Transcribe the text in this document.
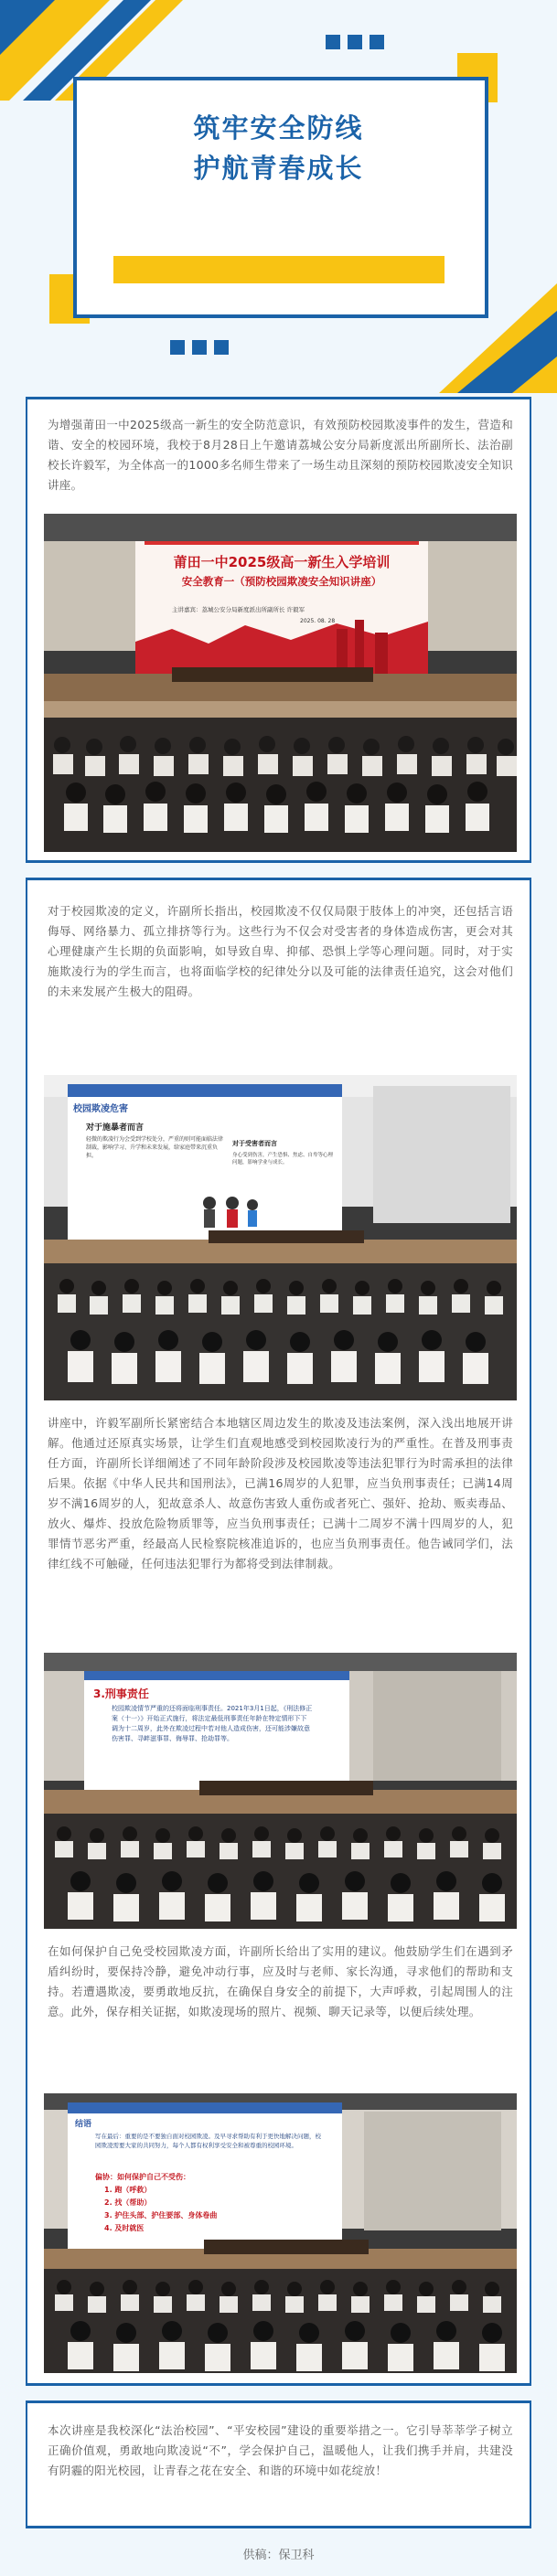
筑牢安全防线
护航青春成长
为增强莆田一中2025级高一新生的安全防范意识，有效预防校园欺凌事件的发生，营造和谐、安全的校园环境，我校于8月28日上午邀请荔城公安分局新度派出所副所长、法治副校长许毅军，为全体高一的1000多名师生带来了一场生动且深刻的预防校园欺凌安全知识讲座。
莆田一中2025级高一新生入学培训
安全教育一（预防校园欺凌安全知识讲座）
主讲嘉宾：荔城公安分局新度派出所副所长 许毅军
2025. 08. 28
对于校园欺凌的定义，许副所长指出，校园欺凌不仅仅局限于肢体上的冲突，还包括言语侮辱、网络暴力、孤立排挤等行为。这些行为不仅会对受害者的身体造成伤害，更会对其心理健康产生长期的负面影响，如导致自卑、抑郁、恐惧上学等心理问题。同时，对于实施欺凌行为的学生而言，也将面临学校的纪律处分以及可能的法律责任追究，这会对他们的未来发展产生极大的阻碍。
校园欺凌危害
对于施暴者而言
轻微的欺凌行为会受到学校处分，严重的则可能面临法律制裁，影响学习、升学和未来发展，给家庭带来沉重负担。
对于受害者而言
身心受到伤害，产生恐惧、焦虑、自卑等心理问题，影响学业与成长。
讲座中，许毅军副所长紧密结合本地辖区周边发生的欺凌及违法案例，深入浅出地展开讲解。他通过还原真实场景，让学生们直观地感受到校园欺凌行为的严重性。在普及刑事责任方面，许副所长详细阐述了不同年龄阶段涉及校园欺凌等违法犯罪行为时需承担的法律后果。依据《中华人民共和国刑法》，已满16周岁的人犯罪，应当负刑事责任；已满14周岁不满16周岁的人，犯故意杀人、故意伤害致人重伤或者死亡、强奸、抢劫、贩卖毒品、放火、爆炸、投放危险物质罪等，应当负刑事责任；已满十二周岁不满十四周岁的人，犯罪情节恶劣严重，经最高人民检察院核准追诉的，也应当负刑事责任。他告诫同学们，法律红线不可触碰，任何违法犯罪行为都将受到法律制裁。
3.刑事责任
校园欺凌情节严重的还将面临刑事责任。2021年3月1日起，《刑法修正案（十一）》开始正式施行，将法定最低刑事责任年龄在特定情形下下调为十二周岁，此外在欺凌过程中若对他人造成伤害，还可能涉嫌故意伤害罪、寻衅滋事罪、侮辱罪、抢劫罪等。
在如何保护自己免受校园欺凌方面，许副所长给出了实用的建议。他鼓励学生们在遇到矛盾纠纷时，要保持冷静，避免冲动行事，应及时与老师、家长沟通，寻求他们的帮助和支持。若遭遇欺凌，要勇敢地反抗，在确保自身安全的前提下，大声呼救，引起周围人的注意。此外，保存相关证据，如欺凌现场的照片、视频、聊天记录等，以便后续处理。
结语
写在最后：重要的是不要独自面对校园欺凌。及早寻求帮助有利于更快地解决问题，校园欺凌需要大家的共同努力，每个人都有权利享受安全和被尊重的校园环境。
偏协：如何保护自己不受伤：
1. 跑（呼救）
2. 找（帮助）
3. 护住头部、护住要部、身体卷曲
4. 及时就医
本次讲座是我校深化“法治校园”、“平安校园”建设的重要举措之一。它引导莘莘学子树立正确价值观，勇敢地向欺凌说“不”，学会保护自己，温暖他人，让我们携手并肩，共建没有阴霾的阳光校园，让青春之花在安全、和谐的环境中如花绽放！
供稿：保卫科
